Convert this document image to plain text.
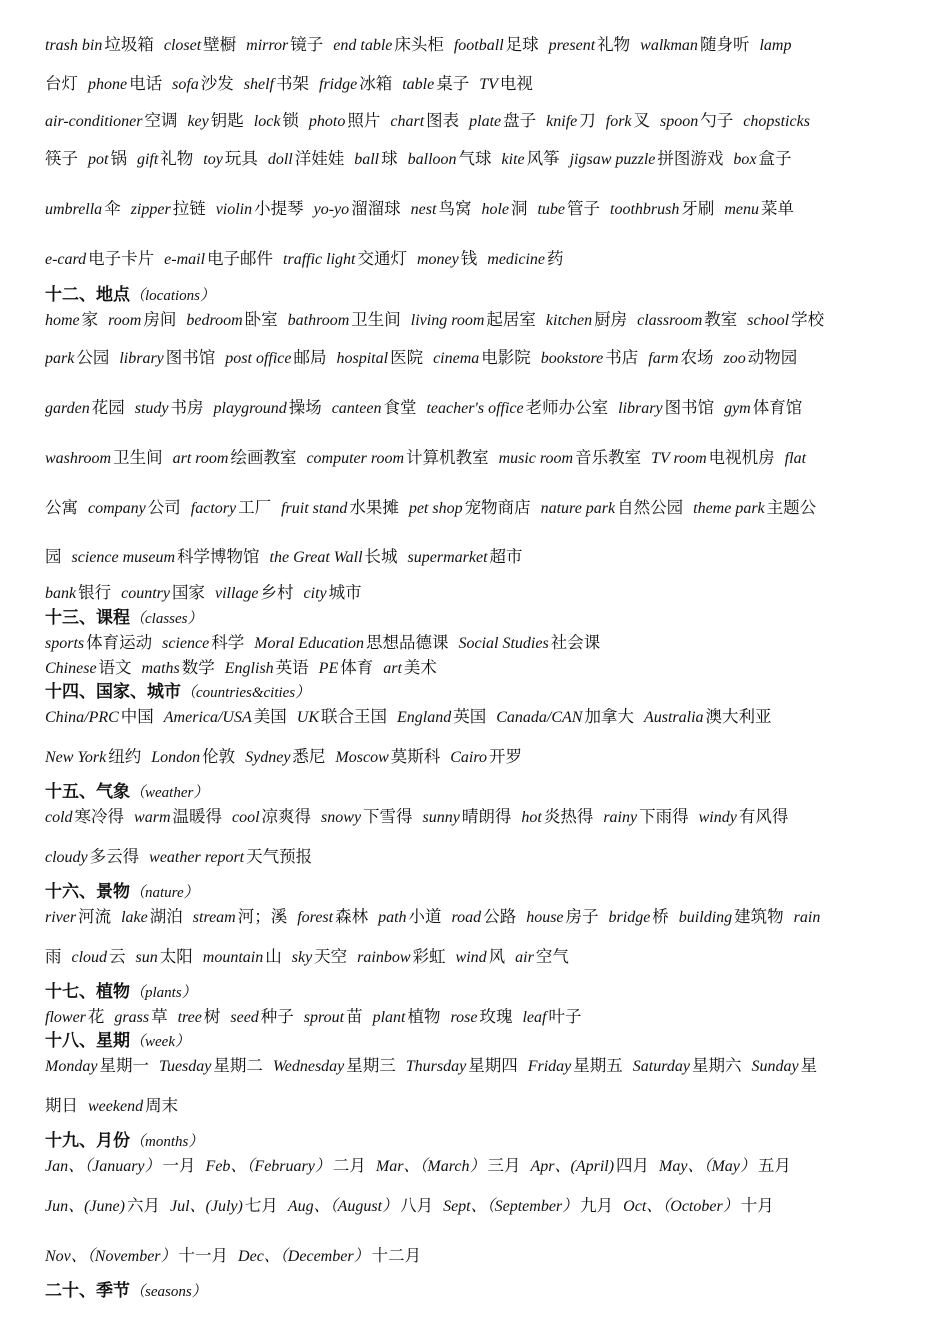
trash bin 垃圾箱 closet 壁橱 mirror 镜子 end table 床头柜 football 足球 present 礼物 walkman 随身听 lamp
台灯 phone 电话 sofa 沙发 shelf 书架 fridge 冰箱 table 桌子 TV 电视
air-conditioner 空调 key 钥匙 lock 锁 photo 照片 chart 图表 plate 盘子 knife 刀 fork 叉 spoon 勺子 chopsticks
筷子 pot 锅 gift 礼物 toy 玩具 doll 洋娃娃 ball 球 balloon 气球 kite 风筝 jigsaw puzzle 拼图游戏 box 盒子
umbrella 伞 zipper 拉链 violin 小提琴 yo-yo 溜溜球 nest 鸟窝 hole 洞 tube 管子 toothbrush 牙刷 menu 菜单
e-card 电子卡片 e-mail 电子邮件 traffic light 交通灯 money 钱 medicine 药
十二、地点（locations）
home 家 room 房间 bedroom 卧室 bathroom 卫生间 living room 起居室 kitchen 厨房 classroom 教室 school 学校
park 公园 library 图书馆 post office 邮局 hospital 医院 cinema 电影院 bookstore 书店 farm 农场 zoo 动物园
garden 花园 study 书房 playground 操场 canteen 食堂 teacher's office 老师办公室 library 图书馆 gym 体育馆
washroom 卫生间 art room 绘画教室 computer room 计算机教室 music room 音乐教室 TV room 电视机房 flat
公寓 company 公司 factory 工厂 fruit stand 水果摊 pet shop 宠物商店 nature park 自然公园 theme park 主题公
园 science museum 科学博物馆 the Great Wall 长城 supermarket 超市
bank 银行 country 国家 village 乡村 city 城市
十三、课程（classes）
sports 体育运动 science 科学 Moral Education 思想品德课 Social Studies 社会课
Chinese 语文 maths 数学 English 英语 PE 体育 art 美术
十四、国家、城市（countries&cities）
China/PRC 中国 America/USA 美国 UK 联合王国 England 英国 Canada/CAN 加拿大 Australia 澳大利亚
New York 纽约 London 伦敦 Sydney 悉尼 Moscow 莫斯科 Cairo 开罗
十五、气象（weather）
cold 寒冷得 warm 温暖得 cool 凉爽得 snowy 下雪得 sunny 晴朗得 hot 炎热得 rainy 下雨得 windy 有风得
cloudy 多云得 weather report 天气预报
十六、景物（nature）
river 河流 lake 湖泊 stream 河；溪 forest 森林 path 小道 road 公路 house 房子 bridge 桥 building 建筑物 rain
雨 cloud 云 sun 太阳 mountain 山 sky 天空 rainbow 彩虹 wind 风 air 空气
十七、植物（plants）
flower 花 grass 草 tree 树 seed 种子 sprout 苗 plant 植物 rose 玫瑰 leaf 叶子
十八、星期（week）
Monday 星期一 Tuesday 星期二 Wednesday 星期三 Thursday 星期四 Friday 星期五 Saturday 星期六 Sunday 星
期日 weekend 周末
十九、月份（months）
Jan、（January） 一月 Feb、（February） 二月 Mar、（March） 三月 Apr、(April) 四月 May、（May） 五月
Jun、(June) 六月 Jul、(July) 七月 Aug、（August） 八月 Sept、（September） 九月 Oct、（October） 十月
Nov、（November） 十一月 Dec、（December） 十二月
二十、季节（seasons）
